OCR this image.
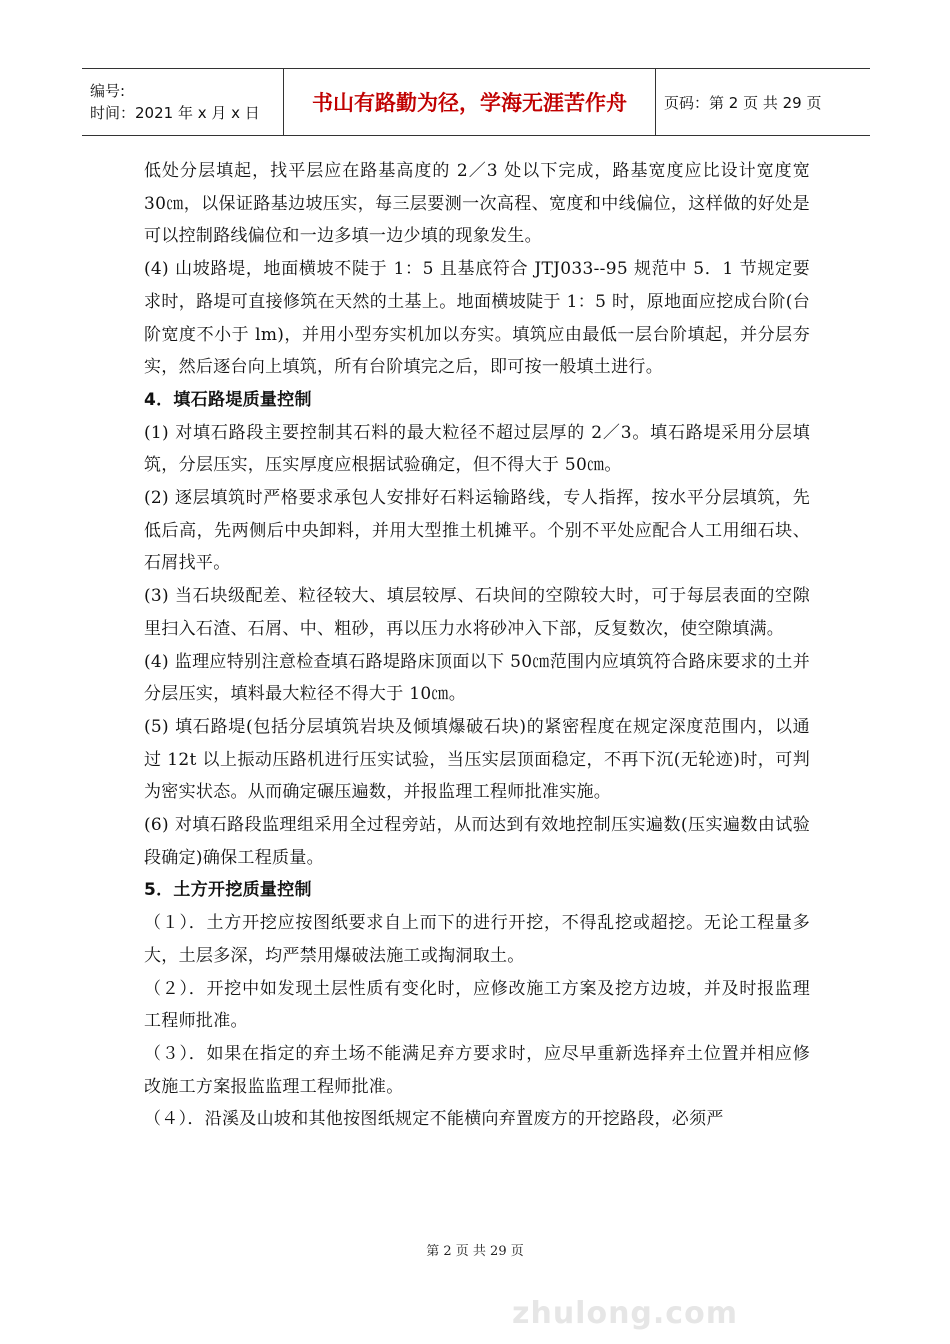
编号:
时间：2021 年 x 月 x 日	书山有路勤为径，学海无涯苦作舟	页码：第 2 页 共 29 页

低处分层填起，找平层应在路基高度的 2／3 处以下完成，路基宽度应比设计宽度宽 30㎝，以保证路基边坡压实，每三层要测一次高程、宽度和中线偏位，这样做的好处是可以控制路线偏位和一边多填一边少填的现象发生。

(4) 山坡路堤，地面横坡不陡于 1：5 且基底符合 JTJ033--95 规范中 5．1 节规定要求时，路堤可直接修筑在天然的土基上。地面横坡陡于 1：5 时，原地面应挖成台阶(台阶宽度不小于 lm)，并用小型夯实机加以夯实。填筑应由最低一层台阶填起，并分层夯实，然后逐台向上填筑，所有台阶填完之后，即可按一般填土进行。

4．填石路堤质量控制

(1) 对填石路段主要控制其石料的最大粒径不超过层厚的 2／3。填石路堤采用分层填筑，分层压实，压实厚度应根据试验确定，但不得大于 50㎝。

(2) 逐层填筑时严格要求承包人安排好石料运输路线，专人指挥，按水平分层填筑，先低后高，先两侧后中央卸料，并用大型推土机摊平。个别不平处应配合人工用细石块、石屑找平。

(3) 当石块级配差、粒径较大、填层较厚、石块间的空隙较大时，可于每层表面的空隙里扫入石渣、石屑、中、粗砂，再以压力水将砂冲入下部，反复数次，使空隙填满。

(4) 监理应特别注意检查填石路堤路床顶面以下 50㎝范围内应填筑符合路床要求的土并分层压实，填料最大粒径不得大于 10㎝。

(5) 填石路堤(包括分层填筑岩块及倾填爆破石块)的紧密程度在规定深度范围内，以通过 12t 以上振动压路机进行压实试验，当压实层顶面稳定，不再下沉(无轮迹)时，可判为密实状态。从而确定碾压遍数，并报监理工程师批准实施。

(6) 对填石路段监理组采用全过程旁站，从而达到有效地控制压实遍数(压实遍数由试验段确定)确保工程质量。

5．土方开挖质量控制

（１）．土方开挖应按图纸要求自上而下的进行开挖，不得乱挖或超挖。无论工程量多大，土层多深，均严禁用爆破法施工或掏洞取土。

（２）．开挖中如发现土层性质有变化时，应修改施工方案及挖方边坡，并及时报监理工程师批准。

（３）．如果在指定的弃土场不能满足弃方要求时，应尽早重新选择弃土位置并相应修改施工方案报监监理工程师批准。

（４）．沿溪及山坡和其他按图纸规定不能横向弃置废方的开挖路段，必须严

第 2 页 共 29 页
zhulong.com
